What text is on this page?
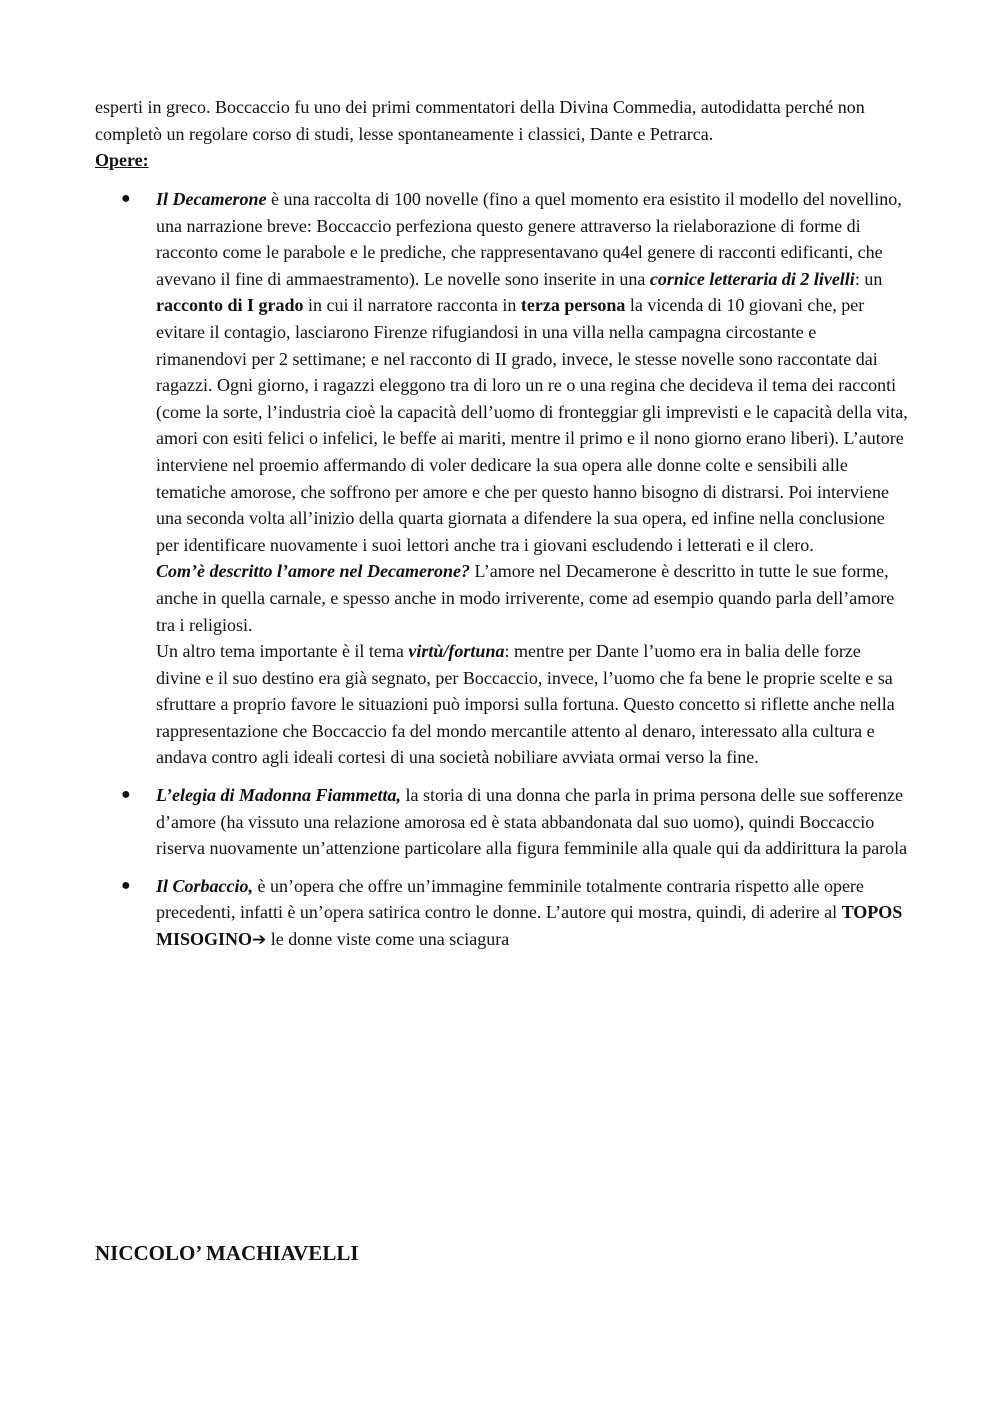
esperti in greco. Boccaccio fu uno dei primi commentatori della Divina Commedia, autodidatta perché non completò un regolare corso di studi, lesse spontaneamente i classici, Dante e Petrarca.

Opere:

● Il Decamerone è una raccolta di 100 novelle (fino a quel momento era esistito il modello del novellino, una narrazione breve: Boccaccio perfeziona questo genere attraverso la rielaborazione di forme di racconto come le parabole e le prediche, che rappresentavano qu4el genere di racconti edificanti, che avevano il fine di ammaestramento). Le novelle sono inserite in una cornice letteraria di 2 livelli: un racconto di I grado in cui il narratore racconta in terza persona la vicenda di 10 giovani che, per evitare il contagio, lasciarono Firenze rifugiandosi in una villa nella campagna circostante e rimanendovi per 2 settimane; e nel racconto di II grado, invece, le stesse novelle sono raccontate dai ragazzi. Ogni giorno, i ragazzi eleggono tra di loro un re o una regina che decideva il tema dei racconti (come la sorte, l’industria cioè la capacità dell’uomo di fronteggiar gli imprevisti e le capacità della vita, amori con esiti felici o infelici, le beffe ai mariti, mentre il primo e il nono giorno erano liberi). L’autore interviene nel proemio affermando di voler dedicare la sua opera alle donne colte e sensibili alle tematiche amorose, che soffrono per amore e che per questo hanno bisogno di distrarsi. Poi interviene una seconda volta all’inizio della quarta giornata a difendere la sua opera, ed infine nella conclusione per identificare nuovamente i suoi lettori anche tra i giovani escludendo i letterati e il clero.

Com’è descritto l’amore nel Decamerone? L’amore nel Decamerone è descritto in tutte le sue forme, anche in quella carnale, e spesso anche in modo irriverente, come ad esempio quando parla dell’amore tra i religiosi.

Un altro tema importante è il tema virtù/fortuna: mentre per Dante l’uomo era in balia delle forze divine e il suo destino era già segnato, per Boccaccio, invece, l’uomo che fa bene le proprie scelte e sa sfruttare a proprio favore le situazioni può imporsi sulla fortuna. Questo concetto si riflette anche nella rappresentazione che Boccaccio fa del mondo mercantile attento al denaro, interessato alla cultura e andava contro agli ideali cortesi di una società nobiliare avviata ormai verso la fine.

● L’elegia di Madonna Fiammetta, la storia di una donna che parla in prima persona delle sue sofferenze d’amore (ha vissuto una relazione amorosa ed è stata abbandonata dal suo uomo), quindi Boccaccio riserva nuovamente un’attenzione particolare alla figura femminile alla quale qui da addirittura la parola

● Il Corbaccio, è un’opera che offre un’immagine femminile totalmente contraria rispetto alle opere precedenti, infatti è un’opera satirica contro le donne. L’autore qui mostra, quindi, di aderire al TOPOS MISOGINO➔ le donne viste come una sciagura

NICCOLO’ MACHIAVELLI
